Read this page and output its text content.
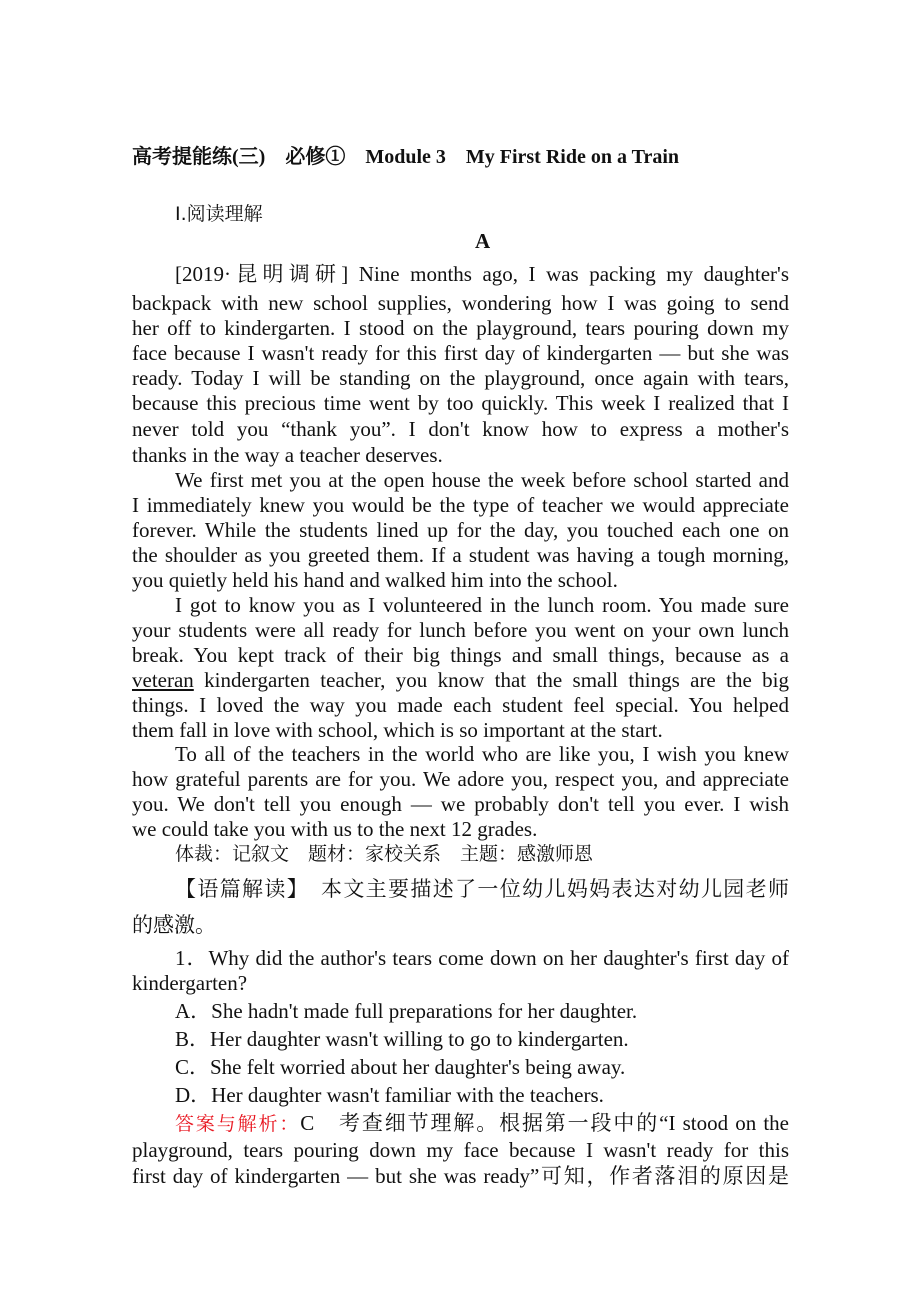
高考提能练(三)　必修①　Module 3　My First Ride on a Train
Ⅰ.阅读理解
A
[2019·昆明调研] Nine months ago, I was packing my daughter's
backpack with new school supplies, wondering how I was going to send
her off to kindergarten. I stood on the playground, tears pouring down my
face because I wasn't ready for this first day of kindergarten — but she was
ready. Today I will be standing on the playground, once again with tears,
because this precious time went by too quickly. This week I realized that I
never told you “thank you”. I don't know how to express a mother's
thanks in the way a teacher deserves.
We first met you at the open house the week before school started and
I immediately knew you would be the type of teacher we would appreciate
forever. While the students lined up for the day, you touched each one on
the shoulder as you greeted them. If a student was having a tough morning,
you quietly held his hand and walked him into the school.
I got to know you as I volunteered in the lunch room. You made sure
your students were all ready for lunch before you went on your own lunch
break. You kept track of their big things and small things, because as a
veteran kindergarten teacher, you know that the small things are the big
things. I loved the way you made each student feel special. You helped
them fall in love with school, which is so important at the start.
To all of the teachers in the world who are like you, I wish you knew
how grateful parents are for you. We adore you, respect you, and appreciate
you. We don't tell you enough — we probably don't tell you ever. I wish
we could take you with us to the next 12 grades.
体裁：记叙文　题材：家校关系　主题：感激师恩
【语篇解读】　本文主要描述了一位幼儿妈妈表达对幼儿园老师
的感激。
1．Why did the author's tears come down on her daughter's first day of
kindergarten?
A．She hadn't made full preparations for her daughter.
B．Her daughter wasn't willing to go to kindergarten.
C．She felt worried about her daughter's being away.
D．Her daughter wasn't familiar with the teachers.
答案与解析：C　考查细节理解。根据第一段中的“I stood on the
playground, tears pouring down my face because I wasn't ready for this
first day of kindergarten — but she was ready”可知，作者落泪的原因是
